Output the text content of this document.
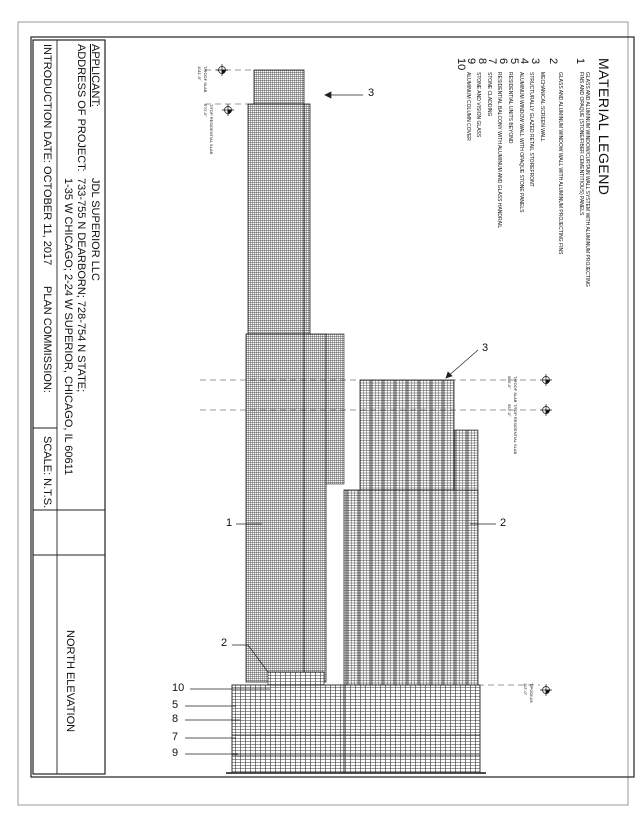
T/ROOF SLAB
1011'-0"
T/TOP RESIDENTIAL SLAB
970'-0"
T/ROOF SLAB
588'-0"
T/TOP RESIDENTIAL SLAB
552'-0"
T/PODIUM
112'-0"
3
3
1	2
2
10
5
8
7
9
MATERIAL LEGEND
1GLASS AND ALUMINUM WINDOW/CURTAIN WALL SYSTEM WITH ALUMINUM PROJECTING FINS AND OPAQUE (STONE/FIBER CEMENTITIOUS) PANELS
2GLASS AND ALUMINUM WINDOW WALL WITH ALUMINUM PROJECTING FINS
3MECHANICAL SCREEN WALL
4STRUCTURALLY GLAZED RETAIL STOREFRONT
5ALUMINUM WINDOW WALL WITH OPAQUE STONE PANELS
6RESIDENTIAL UNITS BEYOND
7RESIDENTIAL BALCONY WITH ALUMINUM AND GLASS HANDRAIL
8STONE CLADDING
9STONE AND VISION GLASS
10ALUMINUM COLUMN COVER
APPLICANT:
JDL SUPERIOR LLC
ADDRESS OF PROJECT:
733-755 N DEARBORN; 728-754 N STATE;
1-35 W CHICAGO; 2-24 W SUPERIOR, CHICAGO, IL 60611
INTRODUCTION DATE: OCTOBER 11, 2017
PLAN COMMISSION:
SCALE: N.T.S.
NORTH ELEVATION
